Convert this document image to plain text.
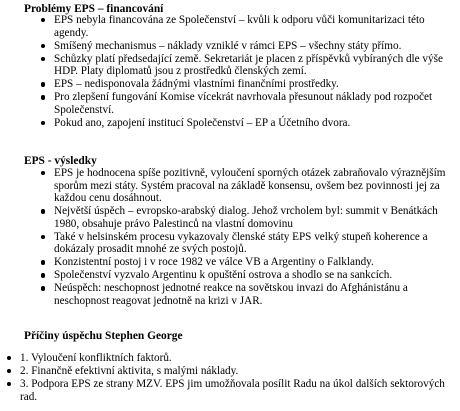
Problémy EPS – financování
EPS nebyla financována ze Společenství – kvůli k odporu vůči komunitarizaci této agendy.
Smíšený mechanismus – náklady vzniklé v rámci EPS – všechny státy přímo.
Schůzky platí předsedající země. Sekretariát je placen z příspěvků vybíraných dle výše HDP. Platy diplomatů jsou z prostředků členských zemí.
EPS – nedisponovala žádnými vlastními finančními prostředky.
Pro zlepšení fungování Komise vícekrát navrhovala přesunout náklady pod rozpočet Společenství.
Pokud ano, zapojení institucí Společenství – EP a Účetního dvora.
EPS - výsledky
EPS je hodnocena spíše pozitivně, vyloučení sporných otázek zabraňovalo výraznějším sporům mezi státy. Systém pracoval na základě konsensu, ovšem bez povinnosti jej za každou cenu dosáhnout.
Největší úspěch – evropsko-arabský dialog. Jehož vrcholem byl: summit v Benátkách 1980, obsahuje právo Palestinců na vlastní domovinu
Také v helsinském procesu vykazovaly členské státy EPS velký stupeň koherence a dokázaly prosadit mnohé ze svých postojů.
Konzistentní postoj i v roce 1982 ve válce VB a Argentiny o Falklandy.
Společenství vyzvalo Argentinu k opuštění ostrova a shodlo se na sankcích.
Neúspěch: neschopnost jednotné reakce na sovětskou invazi do Afghánistánu a neschopnost reagovat jednotně na krizi v JAR.
Příčiny úspěchu Stephen George
1. Vyloučení konfliktních faktorů.
2. Finančně efektivní aktivita, s malými náklady.
3. Podpora EPS ze strany MZV. EPS jim umožňovala posílit Radu na úkol dalších sektorových rad.
